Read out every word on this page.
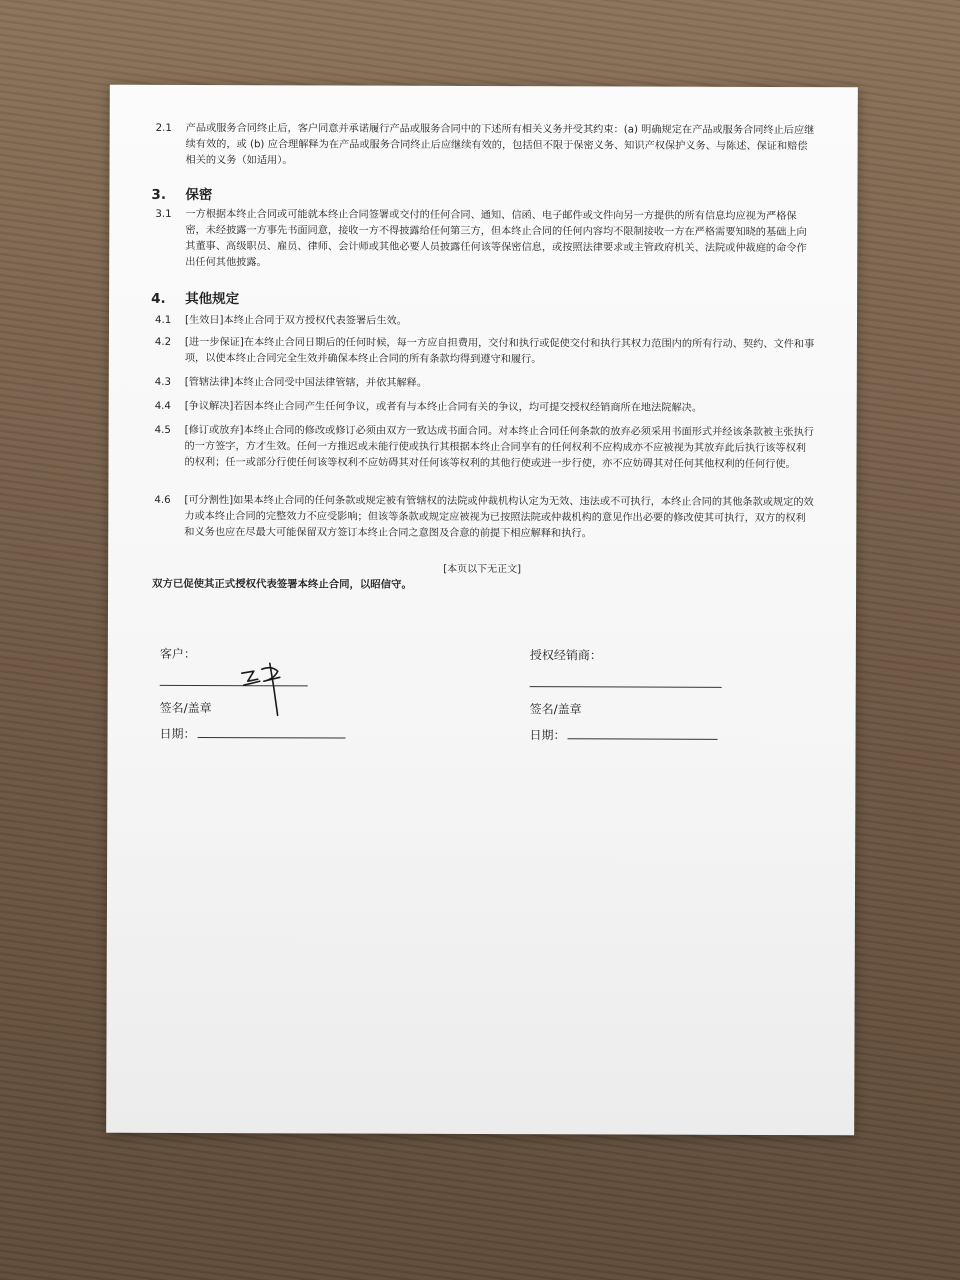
2.1	产品或服务合同终止后，客户同意并承诺履行产品或服务合同中的下述所有相关义务并受其约束：(a) 明确规定在产品或服务合同终止后应继续有效的，或 (b) 应合理解释为在产品或服务合同终止后应继续有效的，包括但不限于保密义务、知识产权保护义务、与陈述、保证和赔偿相关的义务（如适用）。
3. 保密
3.1	一方根据本终止合同或可能就本终止合同签署或交付的任何合同、通知、信函、电子邮件或文件向另一方提供的所有信息均应视为严格保密，未经披露一方事先书面同意，接收一方不得披露给任何第三方，但本终止合同的任何内容均不限制接收一方在严格需要知晓的基础上向其董事、高级职员、雇员、律师、会计师或其他必要人员披露任何该等保密信息，或按照法律要求或主管政府机关、法院或仲裁庭的命令作出任何其他披露。
4. 其他规定
4.1	[生效日]本终止合同于双方授权代表签署后生效。
4.2	[进一步保证]在本终止合同日期后的任何时候，每一方应自担费用，交付和执行或促使交付和执行其权力范围内的所有行动、契约、文件和事项，以使本终止合同完全生效并确保本终止合同的所有条款均得到遵守和履行。
4.3	[管辖法律]本终止合同受中国法律管辖，并依其解释。
4.4	[争议解决]若因本终止合同产生任何争议，或者有与本终止合同有关的争议，均可提交授权经销商所在地法院解决。
4.5	[修订或放弃]本终止合同的修改或修订必须由双方一致达成书面合同。对本终止合同任何条款的放弃必须采用书面形式并经该条款被主张执行的一方签字，方才生效。任何一方推迟或未能行使或执行其根据本终止合同享有的任何权利不应构成亦不应被视为其放弃此后执行该等权利的权利；任一或部分行使任何该等权利不应妨碍其对任何该等权利的其他行使或进一步行使，亦不应妨碍其对任何其他权利的任何行使。
4.6	[可分割性]如果本终止合同的任何条款或规定被有管辖权的法院或仲裁机构认定为无效、违法或不可执行，本终止合同的其他条款或规定的效力或本终止合同的完整效力不应受影响；但该等条款或规定应被视为已按照法院或仲裁机构的意见作出必要的修改使其可执行，双方的权利和义务也应在尽最大可能保留双方签订本终止合同之意图及合意的前提下相应解释和执行。
[本页以下无正文]
双方已促使其正式授权代表签署本终止合同，以昭信守。
客户：
签名/盖章
日期：
授权经销商：
签名/盖章
日期：
